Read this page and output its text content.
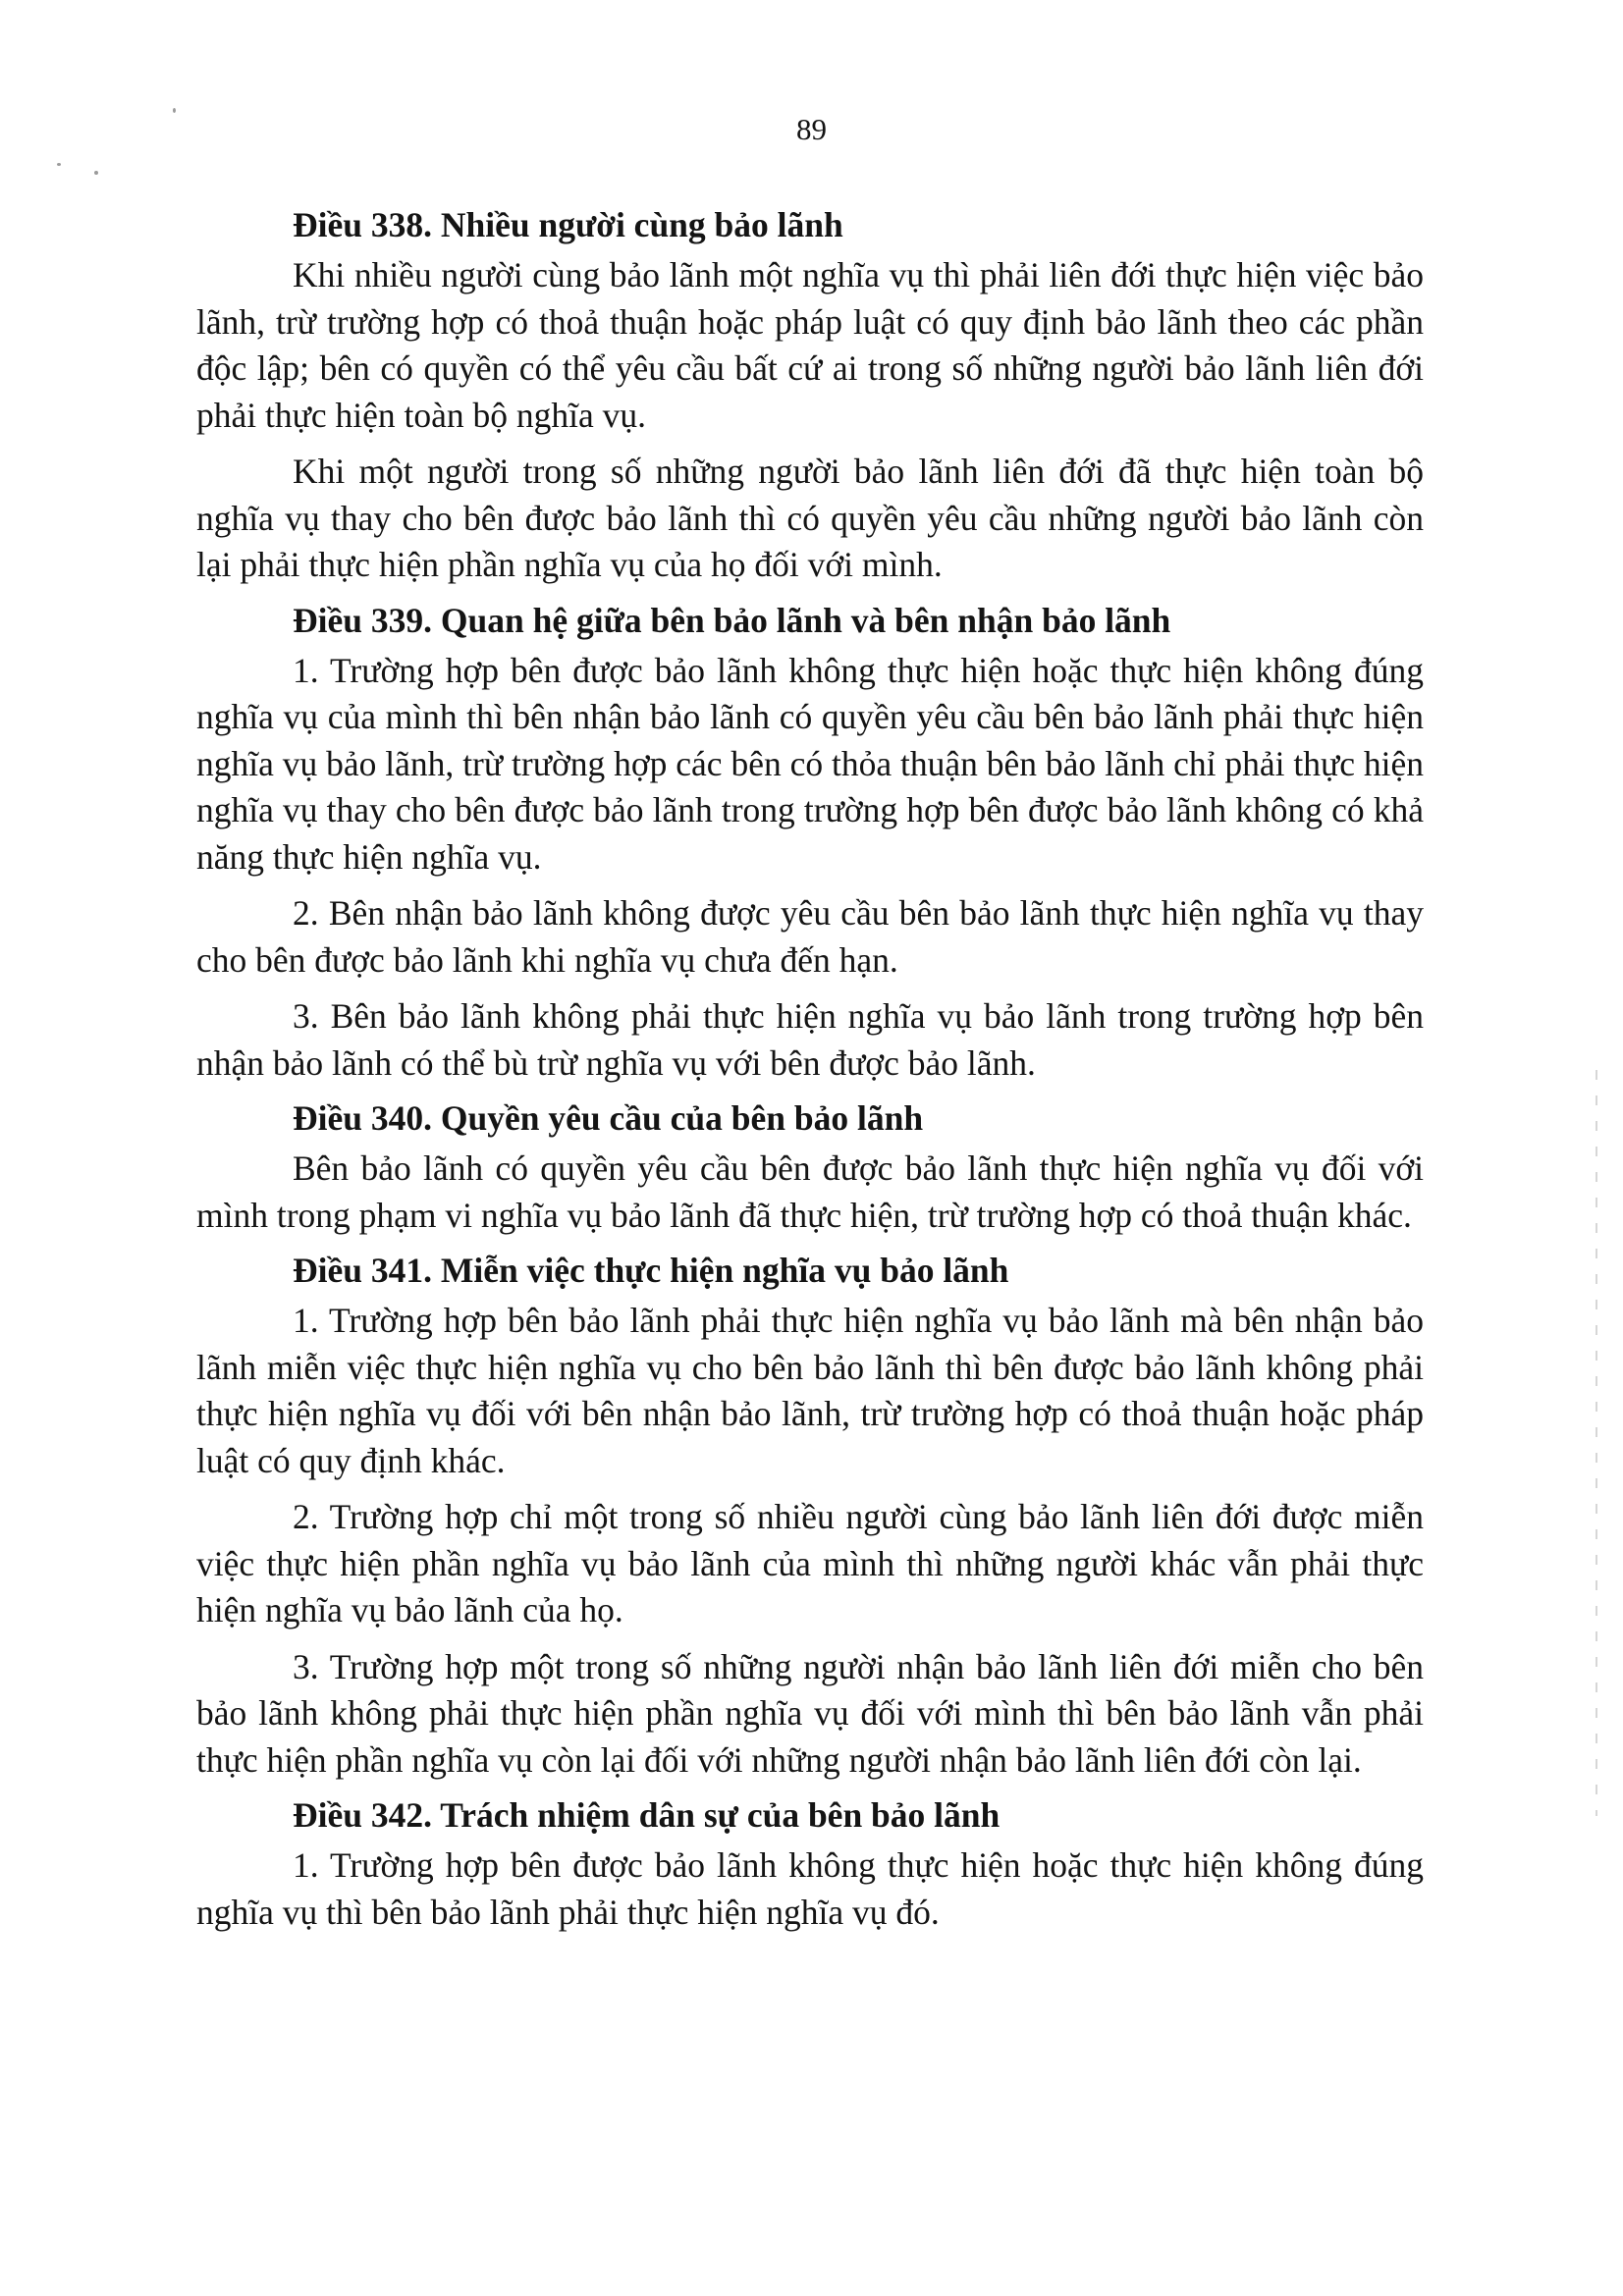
89
Điều 338. Nhiều người cùng bảo lãnh

Khi nhiều người cùng bảo lãnh một nghĩa vụ thì phải liên đới thực hiện việc bảo lãnh, trừ trường hợp có thoả thuận hoặc pháp luật có quy định bảo lãnh theo các phần độc lập; bên có quyền có thể yêu cầu bất cứ ai trong số những người bảo lãnh liên đới phải thực hiện toàn bộ nghĩa vụ.

Khi một người trong số những người bảo lãnh liên đới đã thực hiện toàn bộ nghĩa vụ thay cho bên được bảo lãnh thì có quyền yêu cầu những người bảo lãnh còn lại phải thực hiện phần nghĩa vụ của họ đối với mình.

Điều 339. Quan hệ giữa bên bảo lãnh và bên nhận bảo lãnh

1. Trường hợp bên được bảo lãnh không thực hiện hoặc thực hiện không đúng nghĩa vụ của mình thì bên nhận bảo lãnh có quyền yêu cầu bên bảo lãnh phải thực hiện nghĩa vụ bảo lãnh, trừ trường hợp các bên có thỏa thuận bên bảo lãnh chỉ phải thực hiện nghĩa vụ thay cho bên được bảo lãnh trong trường hợp bên được bảo lãnh không có khả năng thực hiện nghĩa vụ.

2. Bên nhận bảo lãnh không được yêu cầu bên bảo lãnh thực hiện nghĩa vụ thay cho bên được bảo lãnh khi nghĩa vụ chưa đến hạn.

3. Bên bảo lãnh không phải thực hiện nghĩa vụ bảo lãnh trong trường hợp bên nhận bảo lãnh có thể bù trừ nghĩa vụ với bên được bảo lãnh.

Điều 340. Quyền yêu cầu của bên bảo lãnh

Bên bảo lãnh có quyền yêu cầu bên được bảo lãnh thực hiện nghĩa vụ đối với mình trong phạm vi nghĩa vụ bảo lãnh đã thực hiện, trừ trường hợp có thoả thuận khác.

Điều 341. Miễn việc thực hiện nghĩa vụ bảo lãnh

1. Trường hợp bên bảo lãnh phải thực hiện nghĩa vụ bảo lãnh mà bên nhận bảo lãnh miễn việc thực hiện nghĩa vụ cho bên bảo lãnh thì bên được bảo lãnh không phải thực hiện nghĩa vụ đối với bên nhận bảo lãnh, trừ trường hợp có thoả thuận hoặc pháp luật có quy định khác.

2. Trường hợp chỉ một trong số nhiều người cùng bảo lãnh liên đới được miễn việc thực hiện phần nghĩa vụ bảo lãnh của mình thì những người khác vẫn phải thực hiện nghĩa vụ bảo lãnh của họ.

3. Trường hợp một trong số những người nhận bảo lãnh liên đới miễn cho bên bảo lãnh không phải thực hiện phần nghĩa vụ đối với mình thì bên bảo lãnh vẫn phải thực hiện phần nghĩa vụ còn lại đối với những người nhận bảo lãnh liên đới còn lại.

Điều 342. Trách nhiệm dân sự của bên bảo lãnh

1. Trường hợp bên được bảo lãnh không thực hiện hoặc thực hiện không đúng nghĩa vụ thì bên bảo lãnh phải thực hiện nghĩa vụ đó.
